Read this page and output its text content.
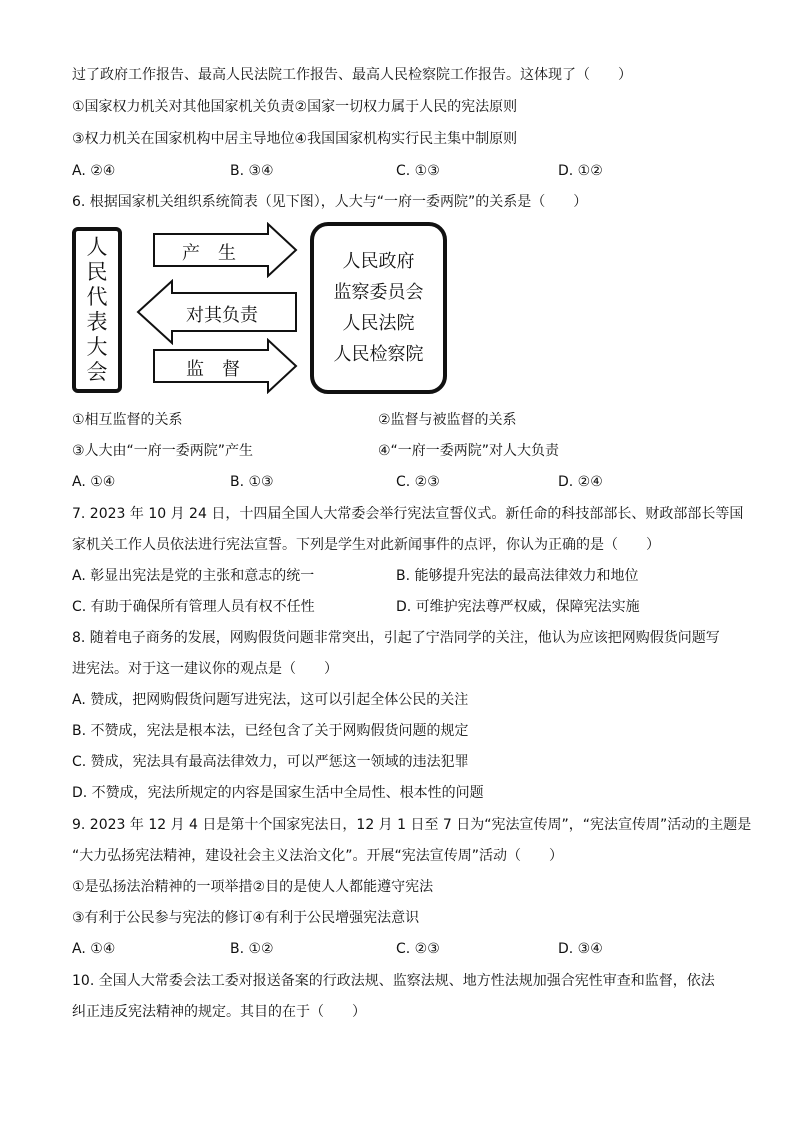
过了政府工作报告、最高人民法院工作报告、最高人民检察院工作报告。这体现了（　　）
①国家权力机关对其他国家机关负责②国家一切权力属于人民的宪法原则
③权力机关在国家机构中居主导地位④我国国家机构实行民主集中制原则
A. ②④	B. ③④	C. ①③	D. ①②
6. 根据国家机关组织系统简表（见下图），人大与“一府一委两院”的关系是（　　）
人民代表大会
产　生
对其负责
监　督
人民政府
监察委员会
人民法院
人民检察院
①相互监督的关系	②监督与被监督的关系
③人大由“一府一委两院”产生	④“一府一委两院”对人大负责
A. ①④	B. ①③	C. ②③	D. ②④
7. 2023 年 10 月 24 日，十四届全国人大常委会举行宪法宣誓仪式。新任命的科技部部长、财政部部长等国
家机关工作人员依法进行宪法宣誓。下列是学生对此新闻事件的点评，你认为正确的是（　　）
A. 彰显出宪法是党的主张和意志的统一	B. 能够提升宪法的最高法律效力和地位
C. 有助于确保所有管理人员有权不任性	D. 可维护宪法尊严权威，保障宪法实施
8. 随着电子商务的发展，网购假货问题非常突出，引起了宁浩同学的关注，他认为应该把网购假货问题写
进宪法。对于这一建议你的观点是（　　）
A. 赞成，把网购假货问题写进宪法，这可以引起全体公民的关注
B. 不赞成，宪法是根本法，已经包含了关于网购假货问题的规定
C. 赞成，宪法具有最高法律效力，可以严惩这一领域的违法犯罪
D. 不赞成，宪法所规定的内容是国家生活中全局性、根本性的问题
9. 2023 年 12 月 4 日是第十个国家宪法日，12 月 1 日至 7 日为“宪法宣传周”，“宪法宣传周”活动的主题是
“大力弘扬宪法精神，建设社会主义法治文化”。开展“宪法宣传周”活动（　　）
①是弘扬法治精神的一项举措②目的是使人人都能遵守宪法
③有利于公民参与宪法的修订④有利于公民增强宪法意识
A. ①④	B. ①②	C. ②③	D. ③④
10. 全国人大常委会法工委对报送备案的行政法规、监察法规、地方性法规加强合宪性审查和监督，依法
纠正违反宪法精神的规定。其目的在于（　　）
